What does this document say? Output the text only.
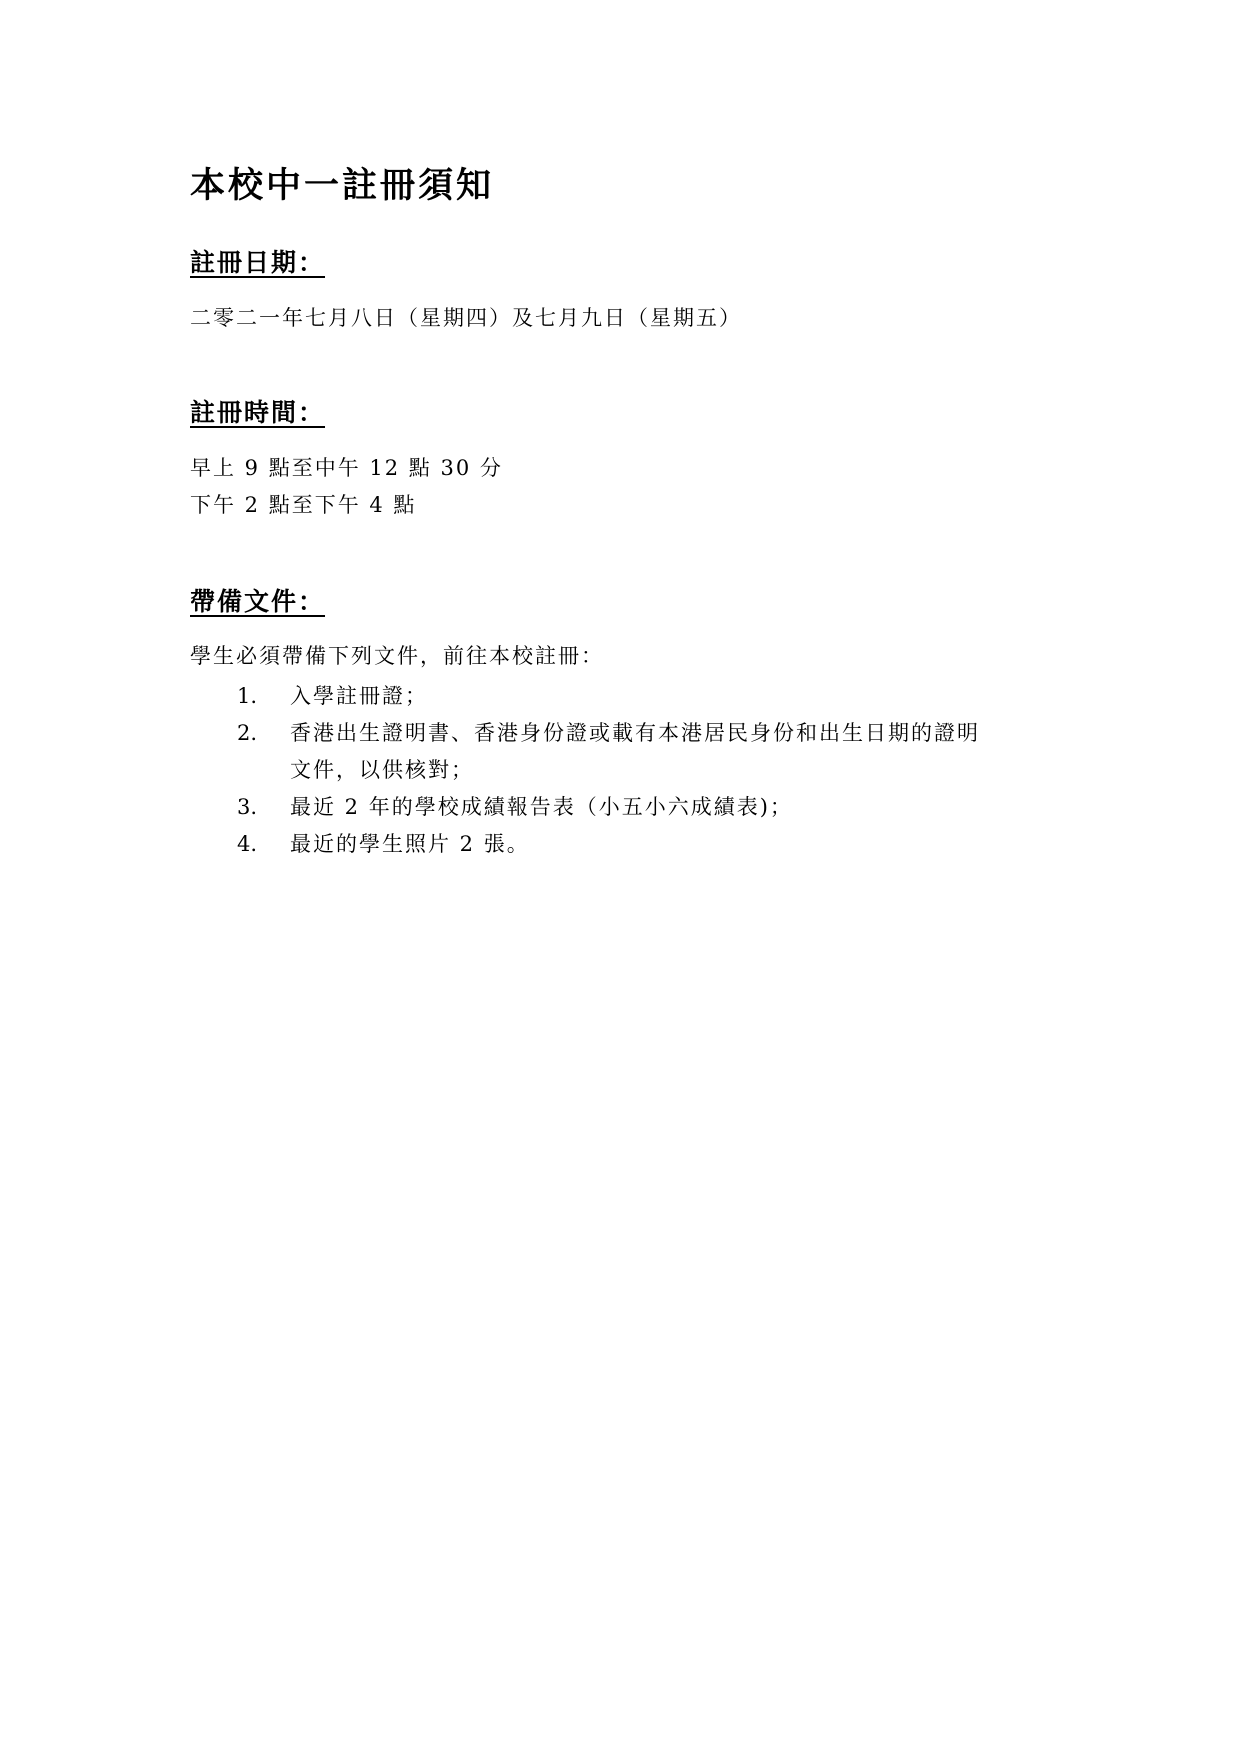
本校中一註冊須知
註冊日期：
二零二一年七月八日（星期四）及七月九日（星期五）
註冊時間：
早上 9 點至中午 12 點 30 分
下午 2 點至下午 4 點
帶備文件：
學生必須帶備下列文件，前往本校註冊：
1. 入學註冊證；
2. 香港出生證明書、香港身份證或載有本港居民身份和出生日期的證明
文件，以供核對；
3. 最近 2 年的學校成績報告表（小五小六成績表)；
4. 最近的學生照片 2 張。
